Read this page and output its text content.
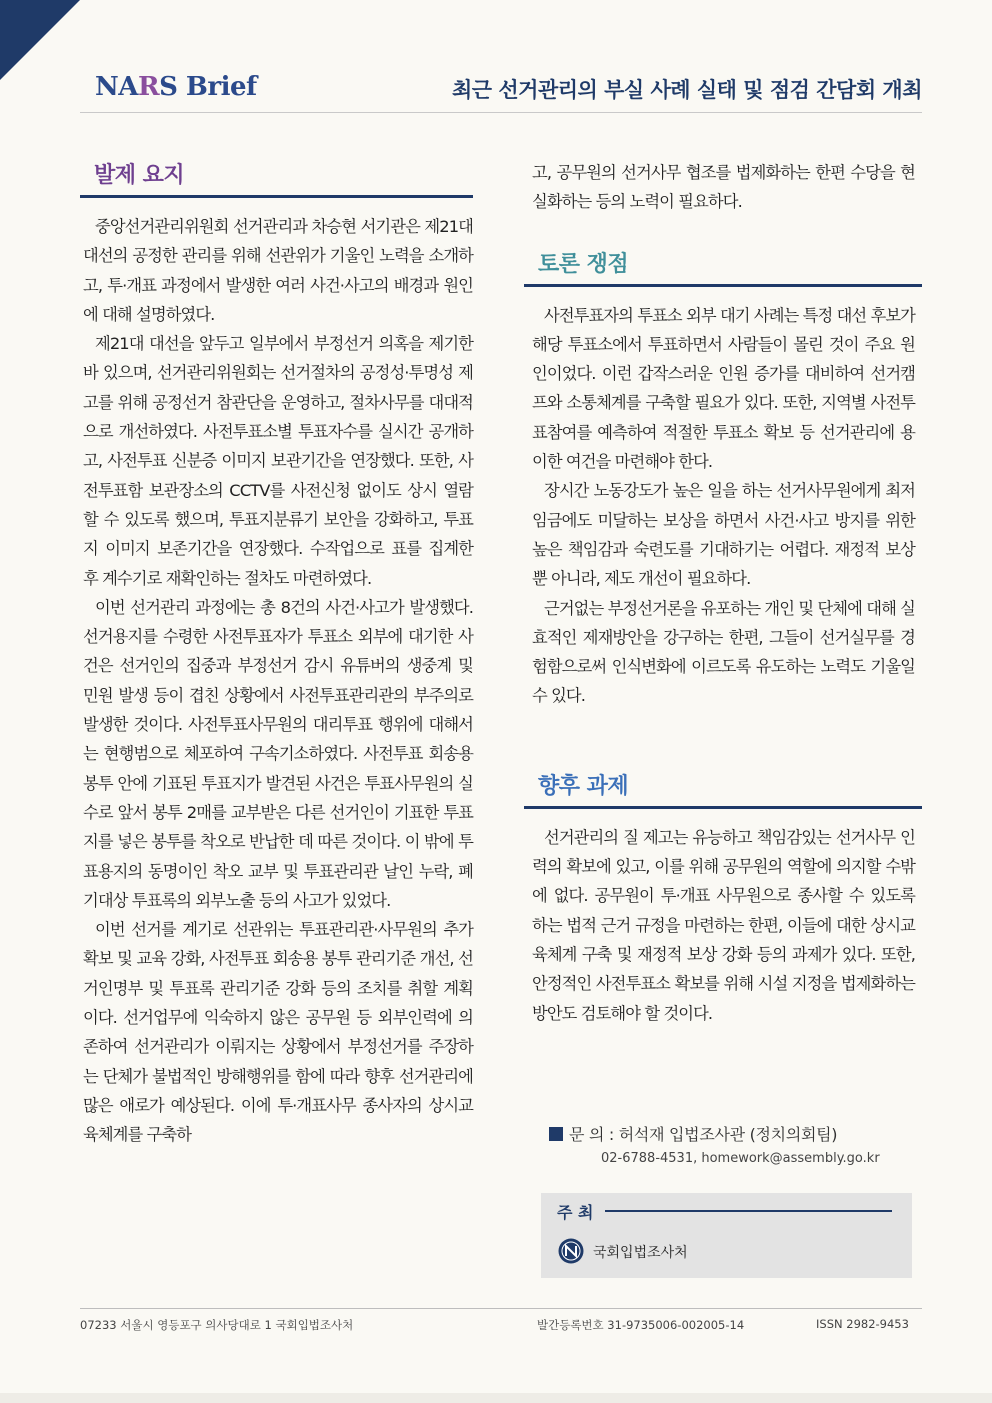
NARS Brief	최근 선거관리의 부실 사례 실태 및 점검 간담회 개최
발제 요지

중앙선거관리위원회 선거관리과 차승현 서기관은 제21대 대선의 공정한 관리를 위해 선관위가 기울인 노력을 소개하고, 투·개표 과정에서 발생한 여러 사건·사고의 배경과 원인에 대해 설명하였다.

제21대 대선을 앞두고 일부에서 부정선거 의혹을 제기한 바 있으며, 선거관리위원회는 선거절차의 공정성·투명성 제고를 위해 공정선거 참관단을 운영하고, 절차사무를 대대적으로 개선하였다. 사전투표소별 투표자수를 실시간 공개하고, 사전투표 신분증 이미지 보관기간을 연장했다. 또한, 사전투표함 보관장소의 CCTV를 사전신청 없이도 상시 열람할 수 있도록 했으며, 투표지분류기 보안을 강화하고, 투표지 이미지 보존기간을 연장했다. 수작업으로 표를 집계한 후 계수기로 재확인하는 절차도 마련하였다.

이번 선거관리 과정에는 총 8건의 사건·사고가 발생했다. 선거용지를 수령한 사전투표자가 투표소 외부에 대기한 사건은 선거인의 집중과 부정선거 감시 유튜버의 생중계 및 민원 발생 등이 겹친 상황에서 사전투표관리관의 부주의로 발생한 것이다. 사전투표사무원의 대리투표 행위에 대해서는 현행범으로 체포하여 구속기소하였다. 사전투표 회송용 봉투 안에 기표된 투표지가 발견된 사건은 투표사무원의 실수로 앞서 봉투 2매를 교부받은 다른 선거인이 기표한 투표지를 넣은 봉투를 착오로 반납한 데 따른 것이다. 이 밖에 투표용지의 동명이인 착오 교부 및 투표관리관 날인 누락, 폐기대상 투표록의 외부노출 등의 사고가 있었다.

이번 선거를 계기로 선관위는 투표관리관·사무원의 추가 확보 및 교육 강화, 사전투표 회송용 봉투 관리기준 개선, 선거인명부 및 투표록 관리기준 강화 등의 조치를 취할 계획이다. 선거업무에 익숙하지 않은 공무원 등 외부인력에 의존하여 선거관리가 이뤄지는 상황에서 부정선거를 주장하는 단체가 불법적인 방해행위를 함에 따라 향후 선거관리에 많은 애로가 예상된다. 이에 투·개표사무 종사자의 상시교육체계를 구축하

고, 공무원의 선거사무 협조를 법제화하는 한편 수당을 현실화하는 등의 노력이 필요하다.

토론 쟁점

사전투표자의 투표소 외부 대기 사례는 특정 대선 후보가 해당 투표소에서 투표하면서 사람들이 몰린 것이 주요 원인이었다. 이런 갑작스러운 인원 증가를 대비하여 선거캠프와 소통체계를 구축할 필요가 있다. 또한, 지역별 사전투표참여를 예측하여 적절한 투표소 확보 등 선거관리에 용이한 여건을 마련해야 한다.

장시간 노동강도가 높은 일을 하는 선거사무원에게 최저임금에도 미달하는 보상을 하면서 사건·사고 방지를 위한 높은 책임감과 숙련도를 기대하기는 어렵다. 재정적 보상뿐 아니라, 제도 개선이 필요하다.

근거없는 부정선거론을 유포하는 개인 및 단체에 대해 실효적인 제재방안을 강구하는 한편, 그들이 선거실무를 경험함으로써 인식변화에 이르도록 유도하는 노력도 기울일 수 있다.

향후 과제

선거관리의 질 제고는 유능하고 책임감있는 선거사무 인력의 확보에 있고, 이를 위해 공무원의 역할에 의지할 수밖에 없다. 공무원이 투·개표 사무원으로 종사할 수 있도록 하는 법적 근거 규정을 마련하는 한편, 이들에 대한 상시교육체계 구축 및 재정적 보상 강화 등의 과제가 있다. 또한, 안정적인 사전투표소 확보를 위해 시설 지정을 법제화하는 방안도 검토해야 할 것이다.

문 의 : 허석재 입법조사관 (정치의회팀)
02-6788-4531, homework@assembly.go.kr
주 최
국회입법조사처
07233 서울시 영등포구 의사당대로 1 국회입법조사처	발간등록번호 31-9735006-002005-14	ISSN 2982-9453
